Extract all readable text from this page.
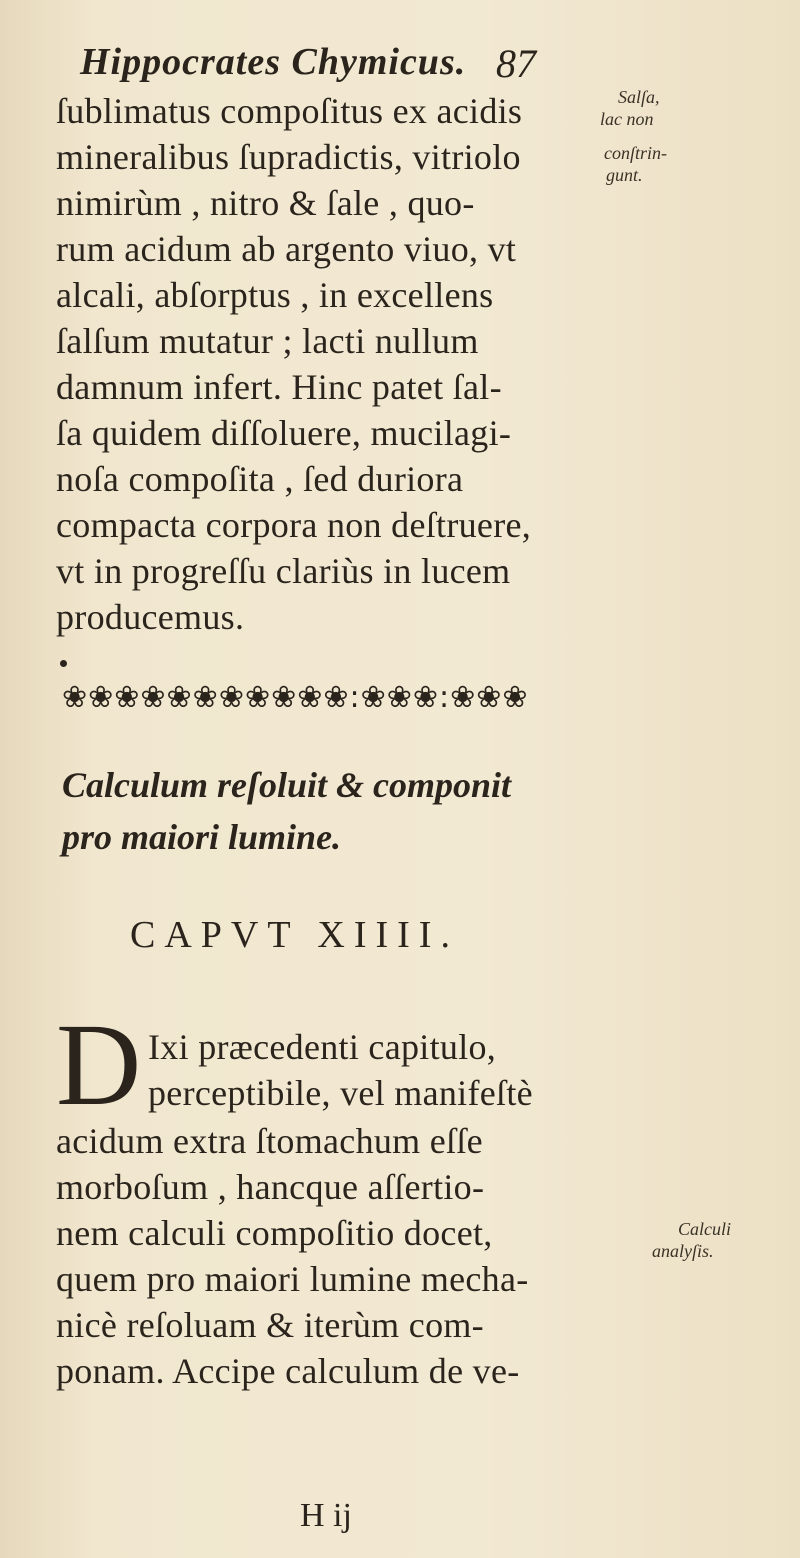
Hippocrates Chymicus. 87
ſublimatus compoſitus ex acidis
mineralibus ſupradictis, vitriolo
nimirùm , nitro & ſale , quo-
rum acidum ab argento viuo, vt
alcali, abſorptus , in excellens
ſalſum mutatur ; lacti nullum
damnum infert. Hinc patet ſal-
ſa quidem diſſoluere, mucilagi-
noſa compoſita , ſed duriora
compacta corpora non deſtruere,
vt in progreſſu clariùs in lucem
producemus.
Salſa,
lac non
conſtrin-
gunt.
❀❀❀❀❀❀❀❀❀❀❀:❀❀❀:❀❀❀
Calculum reſoluit & componit
pro maiori lumine.
CAPVT XIIII.
D Ixi præcedenti capitulo,
perceptibile, vel manifeſtè
acidum extra ſtomachum eſſe
morboſum , hancque aſſertio-
nem calculi compoſitio docet,
quem pro maiori lumine mecha-
nicè reſoluam & iterùm com-
ponam. Accipe calculum de ve-
Calculi
analyſis.
H ij
